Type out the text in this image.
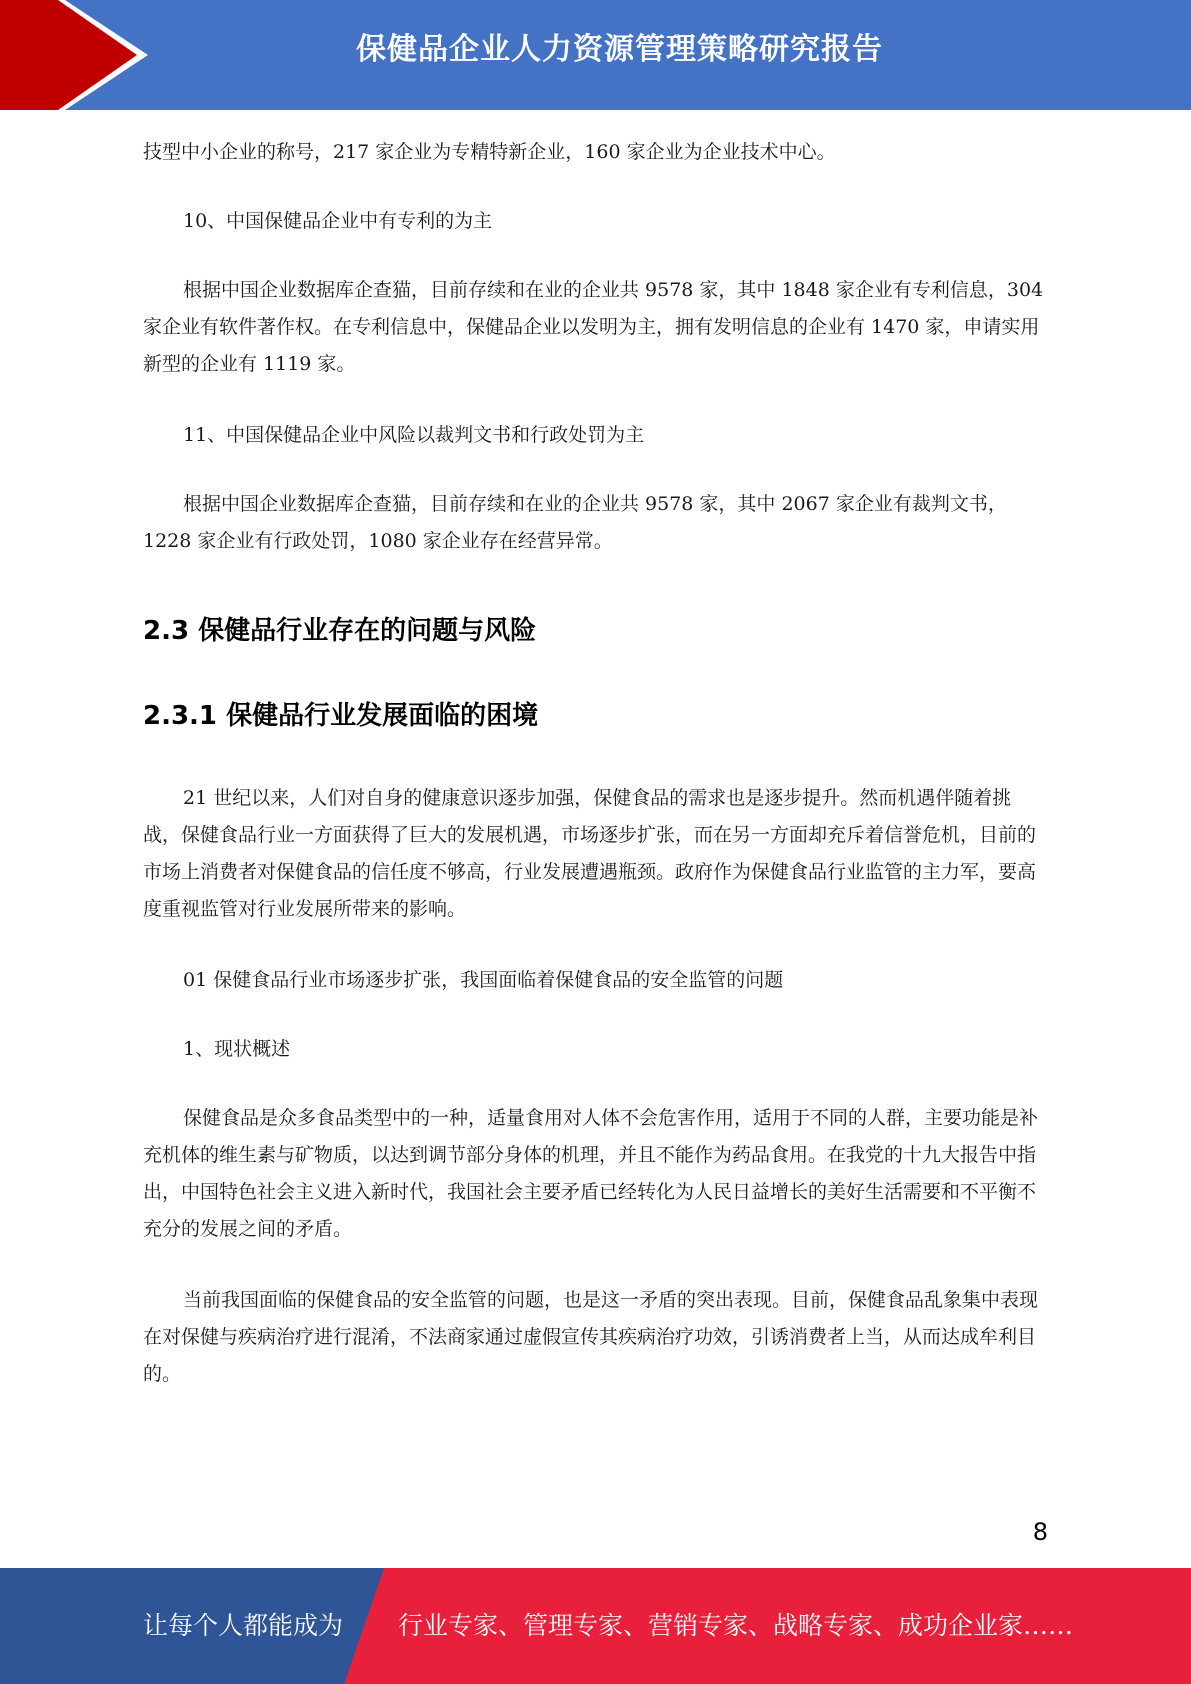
保健品企业人力资源管理策略研究报告

技型中小企业的称号，217 家企业为专精特新企业，160 家企业为企业技术中心。

10、中国保健品企业中有专利的为主

根据中国企业数据库企查猫，目前存续和在业的企业共 9578 家，其中 1848 家企业有专利信息，304 家企业有软件著作权。在专利信息中，保健品企业以发明为主，拥有发明信息的企业有 1470 家，申请实用新型的企业有 1119 家。

11、中国保健品企业中风险以裁判文书和行政处罚为主

根据中国企业数据库企查猫，目前存续和在业的企业共 9578 家，其中 2067 家企业有裁判文书，1228 家企业有行政处罚，1080 家企业存在经营异常。

2.3 保健品行业存在的问题与风险
2.3.1 保健品行业发展面临的困境

21 世纪以来，人们对自身的健康意识逐步加强，保健食品的需求也是逐步提升。然而机遇伴随着挑战，保健食品行业一方面获得了巨大的发展机遇，市场逐步扩张，而在另一方面却充斥着信誉危机，目前的市场上消费者对保健食品的信任度不够高，行业发展遭遇瓶颈。政府作为保健食品行业监管的主力军，要高度重视监管对行业发展所带来的影响。

01 保健食品行业市场逐步扩张，我国面临着保健食品的安全监管的问题

1、现状概述

保健食品是众多食品类型中的一种，适量食用对人体不会危害作用，适用于不同的人群，主要功能是补充机体的维生素与矿物质，以达到调节部分身体的机理，并且不能作为药品食用。在我党的十九大报告中指出，中国特色社会主义进入新时代，我国社会主要矛盾已经转化为人民日益增长的美好生活需要和不平衡不充分的发展之间的矛盾。

当前我国面临的保健食品的安全监管的问题，也是这一矛盾的突出表现。目前，保健食品乱象集中表现在对保健与疾病治疗进行混淆，不法商家通过虚假宣传其疾病治疗功效，引诱消费者上当，从而达成牟利目的。

8
让每个人都能成为 行业专家、管理专家、营销专家、战略专家、成功企业家……
